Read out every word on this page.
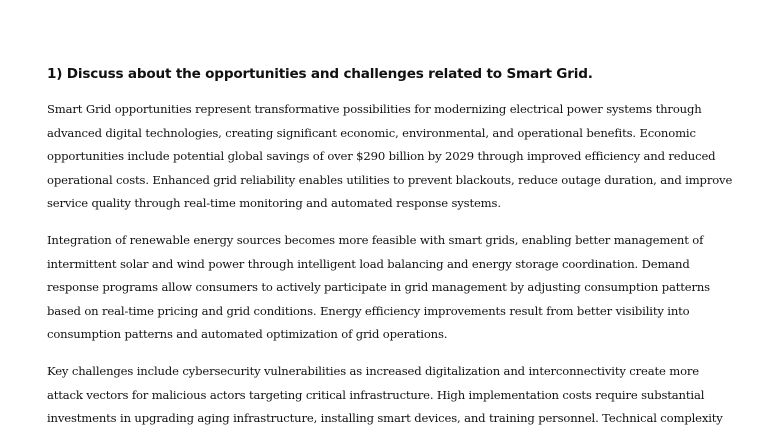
1) Discuss about the opportunities and challenges related to Smart Grid.
Smart Grid opportunities represent transformative possibilities for modernizing electrical power systems through
advanced digital technologies, creating significant economic, environmental, and operational benefits. Economic
opportunities include potential global savings of over $290 billion by 2029 through improved efficiency and reduced
operational costs. Enhanced grid reliability enables utilities to prevent blackouts, reduce outage duration, and improve
service quality through real-time monitoring and automated response systems.
Integration of renewable energy sources becomes more feasible with smart grids, enabling better management of
intermittent solar and wind power through intelligent load balancing and energy storage coordination. Demand
response programs allow consumers to actively participate in grid management by adjusting consumption patterns
based on real-time pricing and grid conditions. Energy efficiency improvements result from better visibility into
consumption patterns and automated optimization of grid operations.
Key challenges include cybersecurity vulnerabilities as increased digitalization and interconnectivity create more
attack vectors for malicious actors targeting critical infrastructure. High implementation costs require substantial
investments in upgrading aging infrastructure, installing smart devices, and training personnel. Technical complexity
